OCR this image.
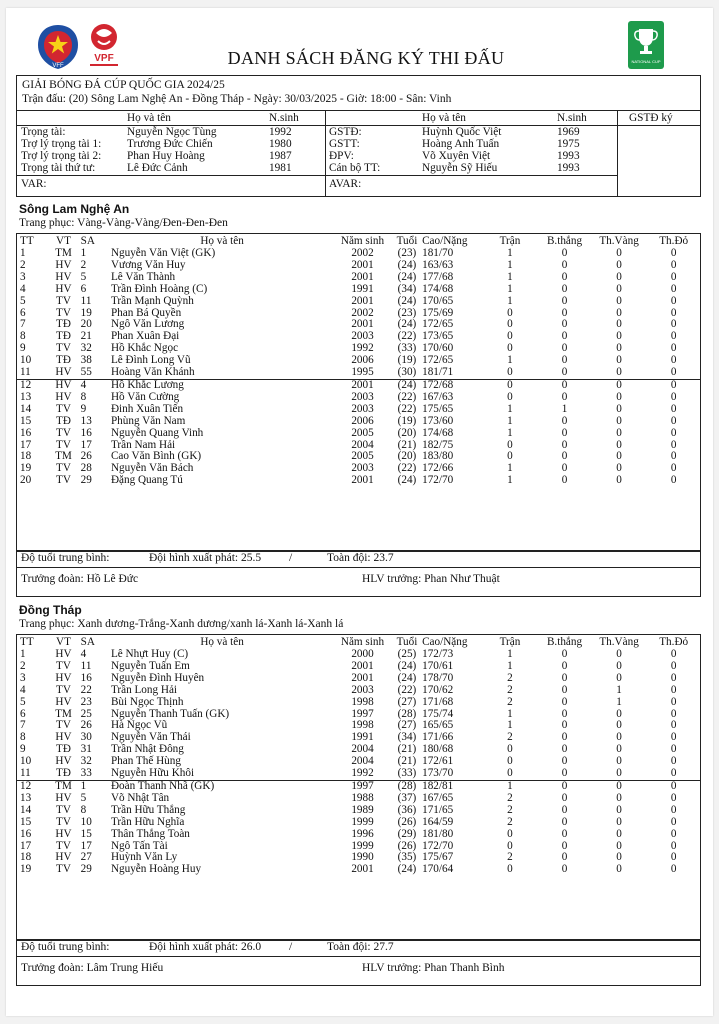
VFF
VPF	NATIONAL CUP
DANH SÁCH ĐĂNG KÝ THI ĐẤU
GIẢI BÓNG ĐÁ CÚP QUỐC GIA 2024/25
Trận đấu: (20) Sông Lam Nghệ An - Đồng Tháp - Ngày: 30/03/2025 - Giờ: 18:00 - Sân: Vinh
Họ và tên	N.sinh	Họ và tên	N.sinh	GSTĐ ký
Trọng tài:	Nguyễn Ngọc Tùng	1992
Trợ lý trọng tài 1: Trương Đức Chiến	1980
Trợ lý trọng tài 2: Phan Huy Hoàng	1987
Trọng tài thứ tư:	Lê Đức Cảnh	1981
GSTĐ:	Huỳnh Quốc Việt	1969
GSTT:	Hoàng Anh Tuấn	1975
ĐPV:	Võ Xuyên Việt	1993
Cán bộ TT:	Nguyễn Sỹ Hiếu	1993
VAR:	AVAR:
Sông Lam Nghệ An
Trang phục: Vàng-Vàng-Vàng/Đen-Đen-Đen
TT	VT	SA	Họ và tên	Năm sinh	Tuổi	Cao/Nặng	Trận	B.thắng	Th.Vàng	Th.Đỏ
1	TM	1	Nguyễn Văn Việt (GK)	2002	(23)	181/70	1	0	0	0
2	HV	2	Vương Văn Huy	2001	(24)	163/63	1	0	0	0
3	HV	5	Lê Văn Thành	2001	(24)	177/68	1	0	0	0
4	HV	6	Trần Đình Hoàng (C)	1991	(34)	174/68	1	0	0	0
5	TV	11	Trần Mạnh Quỳnh	2001	(24)	170/65	1	0	0	0
6	TV	19	Phan Bá Quyền	2002	(23)	175/69	0	0	0	0
7	TĐ	20	Ngô Văn Lương	2001	(24)	172/65	0	0	0	0
8	TĐ	21	Phan Xuân Đại	2003	(22)	173/65	0	0	0	0
9	TV	32	Hồ Khắc Ngọc	1992	(33)	170/60	0	0	0	0
10	TĐ	38	Lê Đình Long Vũ	2006	(19)	172/65	1	0	0	0
11	HV	55	Hoàng Văn Khánh	1995	(30)	181/71	0	0	0	0
12	HV	4	Hồ Khắc Lương	2001	(24)	172/68	0	0	0	0
13	HV	8	Hồ Văn Cường	2003	(22)	167/63	0	0	0	0
14	TV	9	Đinh Xuân Tiến	2003	(22)	175/65	1	1	0	0
15	TĐ	13	Phùng Văn Nam	2006	(19)	173/60	1	0	0	0
16	TV	16	Nguyễn Quang Vinh	2005	(20)	174/68	1	0	0	0
17	TV	17	Trần Nam Hải	2004	(21)	182/75	0	0	0	0
18	TM	26	Cao Văn Bình (GK)	2005	(20)	183/80	0	0	0	0
19	TV	28	Nguyễn Văn Bách	2003	(22)	172/66	1	0	0	0
20	TV	29	Đặng Quang Tú	2001	(24)	172/70	1	0	0	0
Độ tuổi trung bình:	Đội hình xuất phát: 25.5 /	Toàn đội: 23.7
Trưởng đoàn: Hồ Lê Đức	HLV trưởng: Phan Như Thuật
Đồng Tháp
Trang phục: Xanh dương-Trắng-Xanh dương/xanh lá-Xanh lá-Xanh lá
TT	VT	SA	Họ và tên	Năm sinh	Tuổi	Cao/Nặng	Trận	B.thắng	Th.Vàng	Th.Đỏ
1	HV	4	Lê Nhựt Huy (C)	2000	(25)	172/73	1	0	0	0
2	TV	11	Nguyễn Tuấn Em	2001	(24)	170/61	1	0	0	0
3	HV	16	Nguyễn Đình Huyên	2001	(24)	178/70	2	0	0	0
4	TV	22	Trần Long Hải	2003	(22)	170/62	2	0	1	0
5	HV	23	Bùi Ngọc Thịnh	1998	(27)	171/68	2	0	1	0
6	TM	25	Nguyễn Thanh Tuấn (GK)	1997	(28)	175/74	1	0	0	0
7	TV	26	Hà Ngọc Vũ	1998	(27)	165/65	1	0	0	0
8	HV	30	Nguyễn Văn Thái	1991	(34)	171/66	2	0	0	0
9	TĐ	31	Trần Nhật Đông	2004	(21)	180/68	0	0	0	0
10	HV	32	Phan Thế Hùng	2004	(21)	172/61	0	0	0	0
11	TĐ	33	Nguyễn Hữu Khôi	1992	(33)	173/70	0	0	0	0
12	TM	1	Đoàn Thanh Nhã (GK)	1997	(28)	182/81	1	0	0	0
13	HV	5	Võ Nhật Tân	1988	(37)	167/65	2	0	0	0
14	TV	8	Trần Hữu Thắng	1989	(36)	171/65	2	0	0	0
15	TV	10	Trần Hữu Nghĩa	1999	(26)	164/59	2	0	0	0
16	HV	15	Thân Thắng Toàn	1996	(29)	181/80	0	0	0	0
17	TV	17	Ngô Tấn Tài	1999	(26)	172/70	0	0	0	0
18	HV	27	Huỳnh Văn Ly	1990	(35)	175/67	2	0	0	0
19	TV	29	Nguyễn Hoàng Huy	2001	(24)	170/64	0	0	0	0
Độ tuổi trung bình:	Đội hình xuất phát: 26.0 /	Toàn đội: 27.7
Trưởng đoàn: Lâm Trung Hiếu	HLV trưởng: Phan Thanh Bình
